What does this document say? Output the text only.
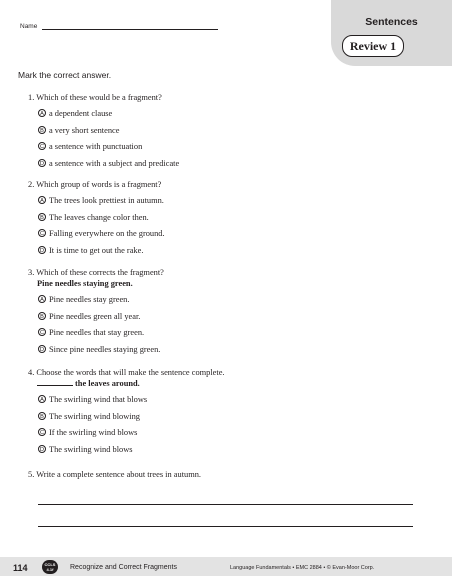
Name	Sentences
Review 1
Mark the correct answer.
1. Which of these would be a fragment?
A a dependent clause
B a very short sentence
C a sentence with punctuation
D a sentence with a subject and predicate
2. Which group of words is a fragment?
A The trees look prettiest in autumn.
B The leaves change color then.
C Falling everywhere on the ground.
D It is time to get out the rake.
3. Which of these corrects the fragment?
Pine needles staying green.
A Pine needles stay green.
B Pine needles green all year.
C Pine needles that stay green.
D Since pine needles staying green.
4. Choose the words that will make the sentence complete.
the leaves around.
A The swirling wind that blows
B The swirling wind blowing
C If the swirling wind blows
D The swirling wind blows
5. Write a complete sentence about trees in autumn.
114	CCLS
4.1f	Recognize and Correct Fragments	Language Fundamentals • EMC 2884 • © Evan-Moor Corp.
